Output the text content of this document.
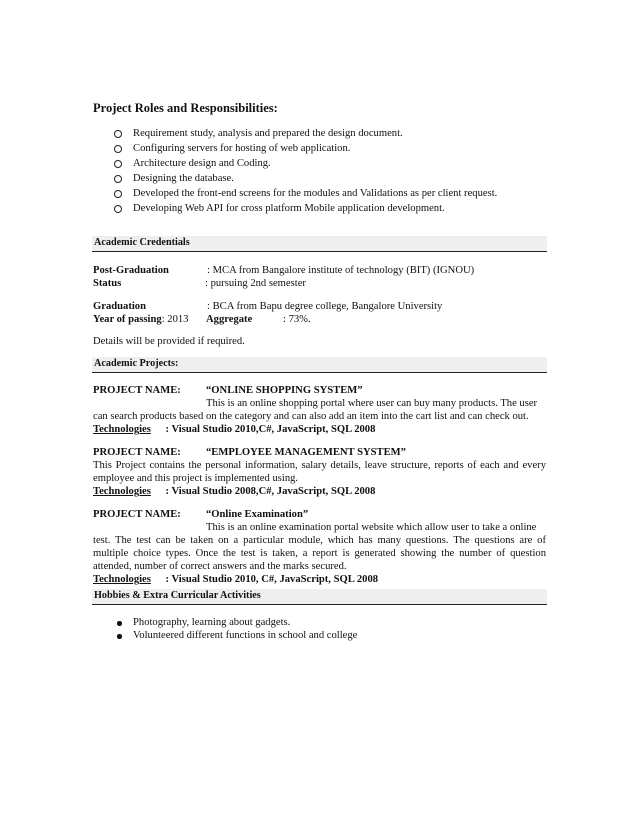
Project Roles and Responsibilities:
Requirement study, analysis and prepared the design document.
Configuring servers for hosting of web application.
Architecture design and Coding.
Designing the database.
Developed the front-end screens for the modules and Validations as per client request.
Developing Web API for cross platform Mobile application development.
Academic Credentials
Post-Graduation	: MCA from Bangalore institute of technology (BIT) (IGNOU)
Status	: pursuing 2nd semester
Graduation	: BCA from Bapu degree college, Bangalore University
Year of passing: 2013 Aggregate	: 73%.
Details will be provided if required.
Academic Projects:
PROJECT NAME: “ONLINE SHOPPING SYSTEM”
This is an online shopping portal where user can buy many products. The user
can search products based on the category and can also add an item into the cart list and can check out.
Technologies : Visual Studio 2010,C#, JavaScript, SQL 2008
PROJECT NAME: “EMPLOYEE MANAGEMENT SYSTEM”
This Project contains the personal information, salary details, leave structure, reports of each and every employee and this project is implemented using.
Technologies : Visual Studio 2008,C#, JavaScript, SQL 2008
PROJECT NAME: “Online Examination”
This is an online examination portal website which allow user to take a online
test. The test can be taken on a particular module, which has many questions. The questions are of multiple choice types. Once the test is taken, a report is generated showing the number of question attended, number of correct answers and the marks secured.
Technologies : Visual Studio 2010, C#, JavaScript, SQL 2008
Hobbies & Extra Curricular Activities
Photography, learning about gadgets.
Volunteered different functions in school and college
